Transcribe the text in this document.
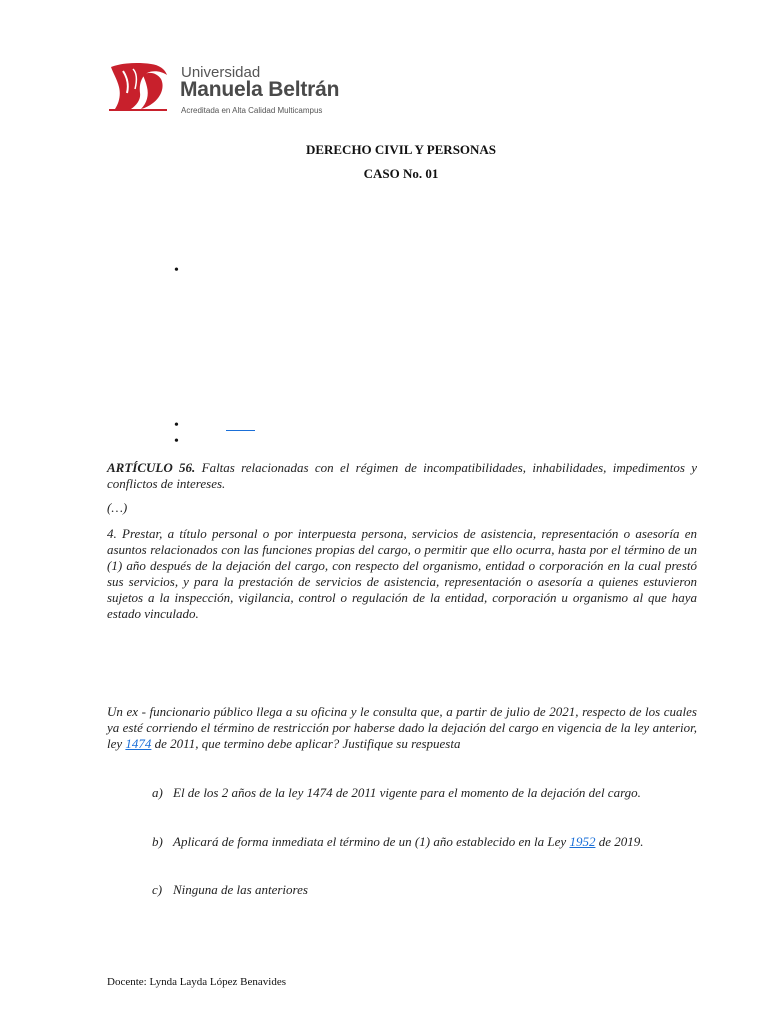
Universidad
Manuela Beltrán
Acreditada en Alta Calidad Multicampus
DERECHO CIVIL Y PERSONAS
CASO No. 01
•
•
•
ARTÍCULO 56. Faltas relacionadas con el régimen de incompatibilidades, inhabilidades, impedimentos y conflictos de intereses.
(…)
4. Prestar, a título personal o por interpuesta persona, servicios de asistencia, representación o asesoría en asuntos relacionados con las funciones propias del cargo, o permitir que ello ocurra, hasta por el término de un (1) año después de la dejación del cargo, con respecto del organismo, entidad o corporación en la cual prestó sus servicios, y para la prestación de servicios de asistencia, representación o asesoría a quienes estuvieron sujetos a la inspección, vigilancia, control o regulación de la entidad, corporación u organismo al que haya estado vinculado.
Un ex - funcionario público llega a su oficina y le consulta que, a partir de julio de 2021, respecto de los cuales ya esté corriendo el término de restricción por haberse dado la dejación del cargo en vigencia de la ley anterior, ley 1474 de 2011, que termino debe aplicar? Justifique su respuesta
a) El de los 2 años de la ley 1474 de 2011 vigente para el momento de la dejación del cargo.
b) Aplicará de forma inmediata el término de un (1) año establecido en la Ley 1952 de 2019.
c) Ninguna de las anteriores
Docente: Lynda Layda López Benavides
